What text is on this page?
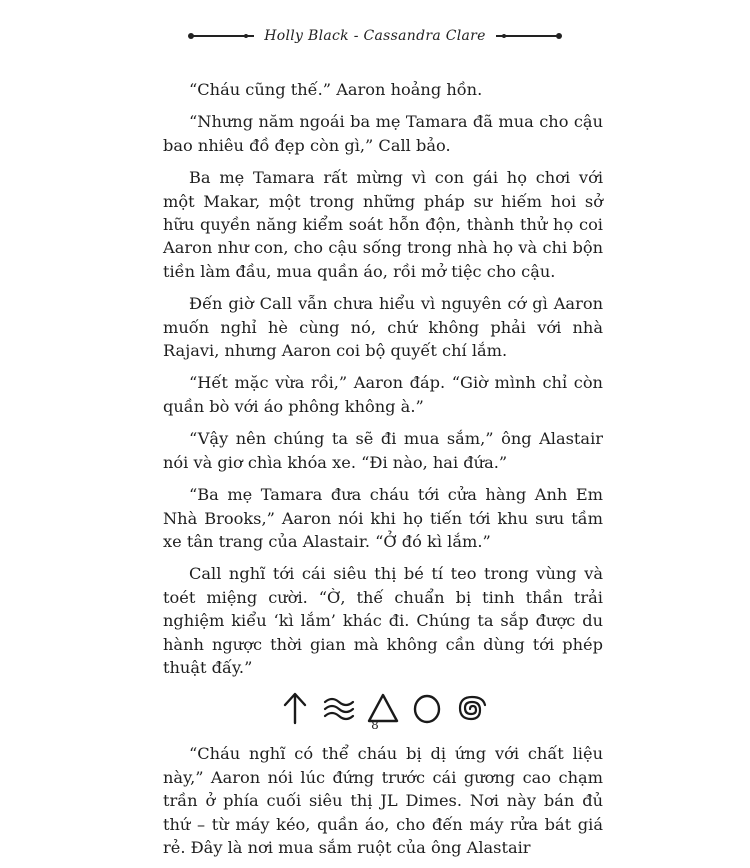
Holly Black - Cassandra Clare

“Cháu cũng thế.” Aaron hoảng hồn.

“Nhưng năm ngoái ba mẹ Tamara đã mua cho cậu bao nhiêu đồ đẹp còn gì,” Call bảo.

Ba mẹ Tamara rất mừng vì con gái họ chơi với một Makar, một trong những pháp sư hiếm hoi sở hữu quyền năng kiểm soát hỗn độn, thành thử họ coi Aaron như con, cho cậu sống trong nhà họ và chi bộn tiền làm đầu, mua quần áo, rồi mở tiệc cho cậu.

Đến giờ Call vẫn chưa hiểu vì nguyên cớ gì Aaron muốn nghỉ hè cùng nó, chứ không phải với nhà Rajavi, nhưng Aaron coi bộ quyết chí lắm.

“Hết mặc vừa rồi,” Aaron đáp. “Giờ mình chỉ còn quần bò với áo phông không à.”

“Vậy nên chúng ta sẽ đi mua sắm,” ông Alastair nói và giơ chìa khóa xe. “Đi nào, hai đứa.”

“Ba mẹ Tamara đưa cháu tới cửa hàng Anh Em Nhà Brooks,” Aaron nói khi họ tiến tới khu sưu tầm xe tân trang của Alastair. “Ở đó kì lắm.”

Call nghĩ tới cái siêu thị bé tí teo trong vùng và toét miệng cười. “Ờ, thế chuẩn bị tinh thần trải nghiệm kiểu ‘kì lắm’ khác đi. Chúng ta sắp được du hành ngược thời gian mà không cần dùng tới phép thuật đấy.”

“Cháu nghĩ có thể cháu bị dị ứng với chất liệu này,” Aaron nói lúc đứng trước cái gương cao chạm trần ở phía cuối siêu thị JL Dimes. Nơi này bán đủ thứ – từ máy kéo, quần áo, cho đến máy rửa bát giá rẻ. Đây là nơi mua sắm ruột của ông Alastair

8
